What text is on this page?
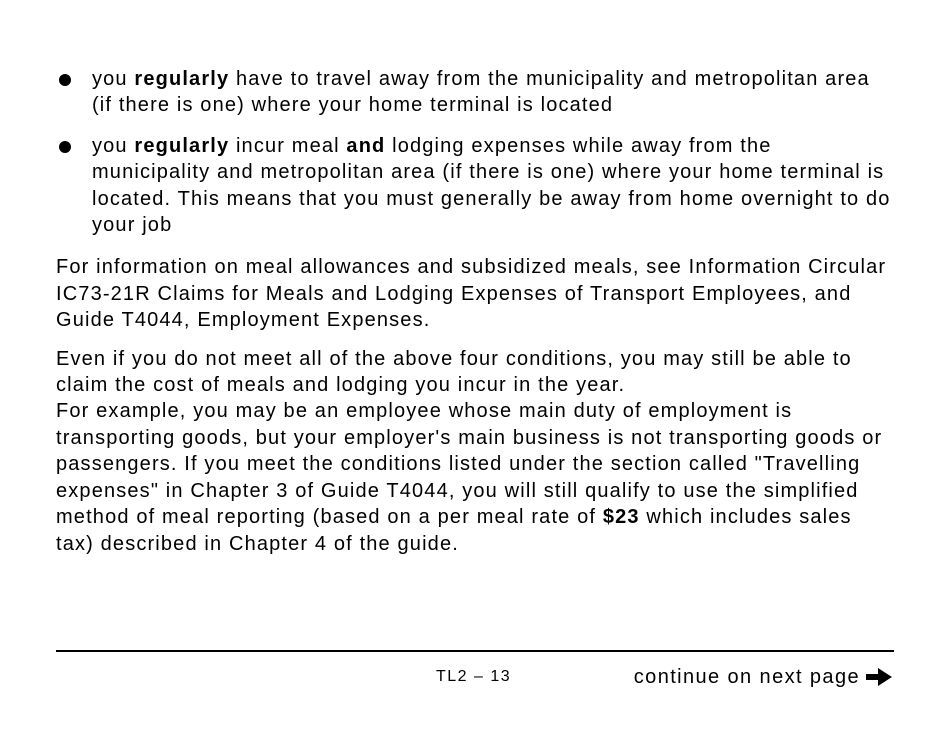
you regularly have to travel away from the municipality and metropolitan area (if there is one) where your home terminal is located
you regularly incur meal and lodging expenses while away from the municipality and metropolitan area (if there is one) where your home terminal is located. This means that you must generally be away from home overnight to do your job

For information on meal allowances and subsidized meals, see Information Circular IC73-21R Claims for Meals and Lodging Expenses of Transport Employees, and Guide T4044, Employment Expenses.

Even if you do not meet all of the above four conditions, you may still be able to claim the cost of meals and lodging you incur in the year.
For example, you may be an employee whose main duty of employment is transporting goods, but your employer's main business is not transporting goods or passengers. If you meet the conditions listed under the section called "Travelling expenses" in Chapter 3 of Guide T4044, you will still qualify to use the simplified method of meal reporting (based on a per meal rate of $23 which includes sales tax) described in Chapter 4 of the guide.

TL2 – 13	continue on next page
